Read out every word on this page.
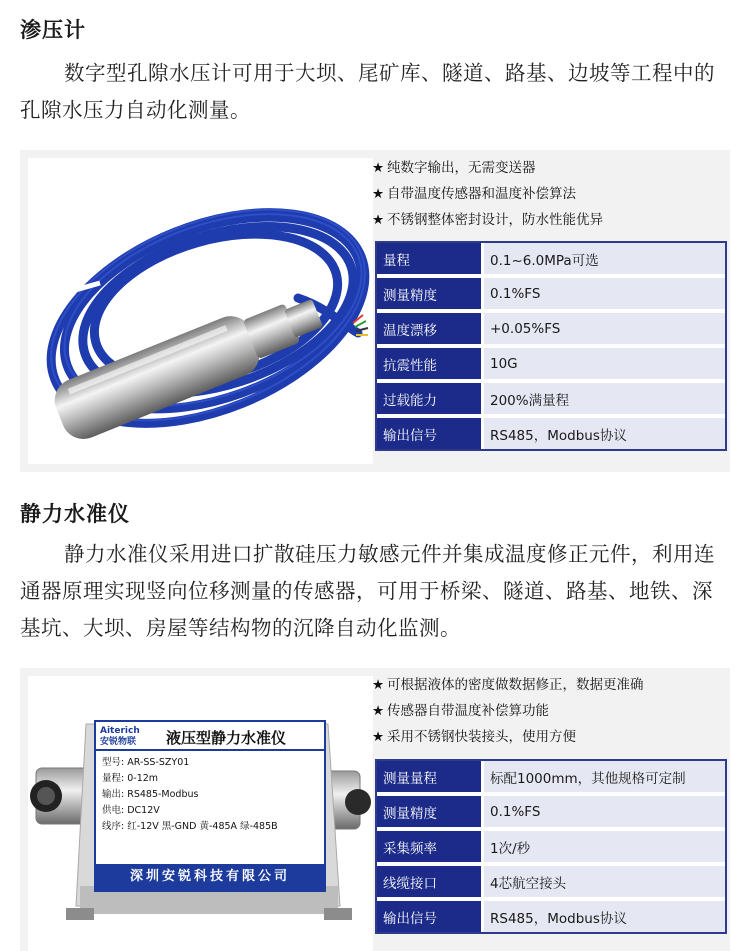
渗压计
数字型孔隙水压计可用于大坝、尾矿库、隧道、路基、边坡等工程中的孔隙水压力自动化测量。
★ 纯数字输出，无需变送器
★ 自带温度传感器和温度补偿算法
★ 不锈钢整体密封设计，防水性能优异
量程	0.1~6.0MPa可选
测量精度	0.1%FS
温度漂移	+0.05%FS
抗震性能	10G
过载能力	200%满量程
输出信号	RS485，Modbus协议
静力水准仪
静力水准仪采用进口扩散硅压力敏感元件并集成温度修正元件，利用连通器原理实现竖向位移测量的传感器，可用于桥梁、隧道、路基、地铁、深基坑、大坝、房屋等结构物的沉降自动化监测。
Aiterich
安锐物联 液压型静力水准仪
型号: AR-SS-SZY01
量程: 0-12m
输出: RS485-Modbus
供电: DC12V
线序: 红-12V 黑-GND 黄-485A 绿-485B
深圳安锐科技有限公司
★ 可根据液体的密度做数据修正，数据更准确
★ 传感器自带温度补偿算功能
★ 采用不锈钢快装接头，使用方便
测量量程	标配1000mm，其他规格可定制
测量精度	0.1%FS
采集频率	1次/秒
线缆接口	4芯航空接头
输出信号	RS485，Modbus协议
